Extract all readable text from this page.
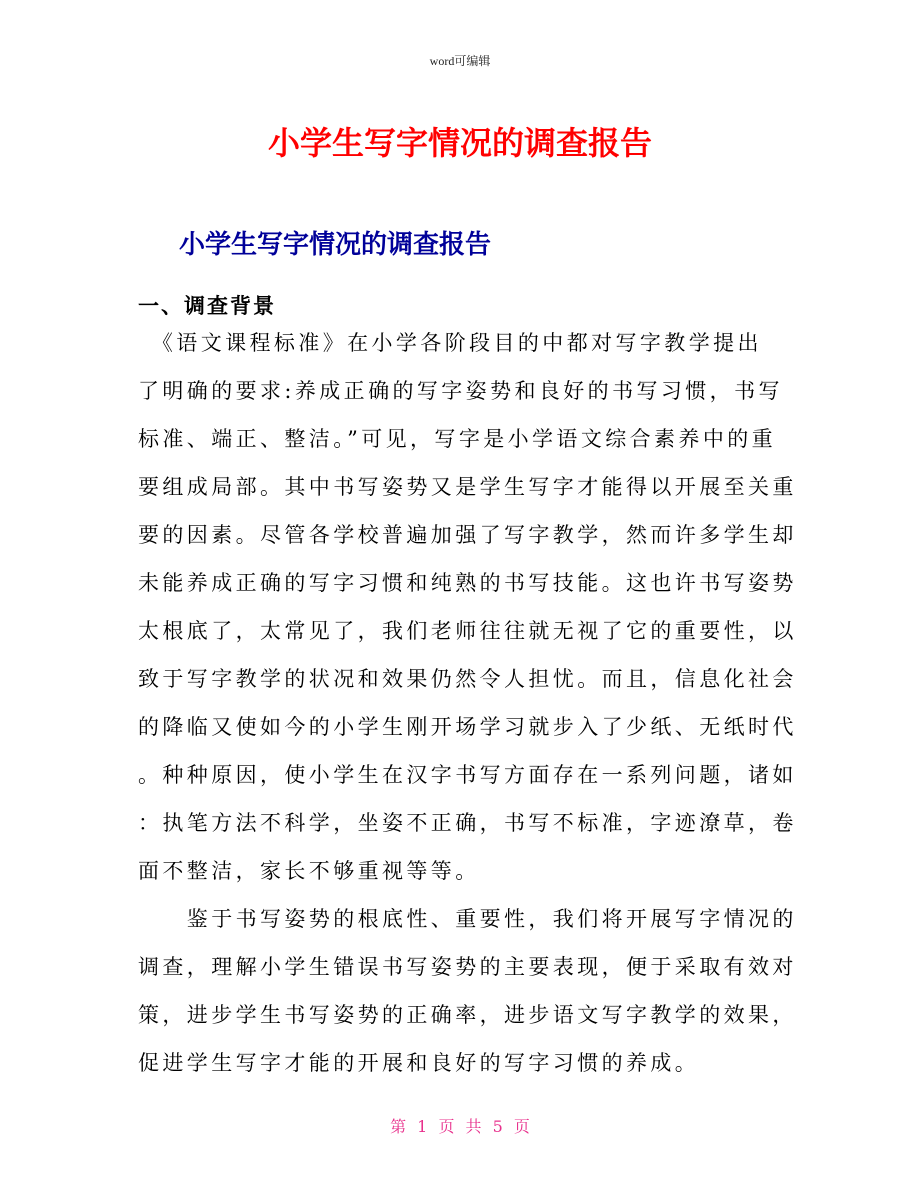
word可编辑
小学生写字情况的调查报告
小学生写字情况的调查报告
一、调查背景
　《语文课程标准》在小学各阶段目的中都对写字教学提出
了明确的要求:养成正确的写字姿势和良好的书写习惯，书写
标准、端正、整洁。”可见，写字是小学语文综合素养中的重
要组成局部。其中书写姿势又是学生写字才能得以开展至关重
要的因素。尽管各学校普遍加强了写字教学，然而许多学生却
未能养成正确的写字习惯和纯熟的书写技能。这也许书写姿势
太根底了，太常见了，我们老师往往就无视了它的重要性，以
致于写字教学的状况和效果仍然令人担忧。而且，信息化社会
的降临又使如今的小学生刚开场学习就步入了少纸、无纸时代
。种种原因，使小学生在汉字书写方面存在一系列问题，诸如
：执笔方法不科学，坐姿不正确，书写不标准，字迹潦草，卷
面不整洁，家长不够重视等等。
　　鉴于书写姿势的根底性、重要性，我们将开展写字情况的
调查，理解小学生错误书写姿势的主要表现，便于采取有效对
策，进步学生书写姿势的正确率，进步语文写字教学的效果，
促进学生写字才能的开展和良好的写字习惯的养成。
第 1 页 共 5 页
